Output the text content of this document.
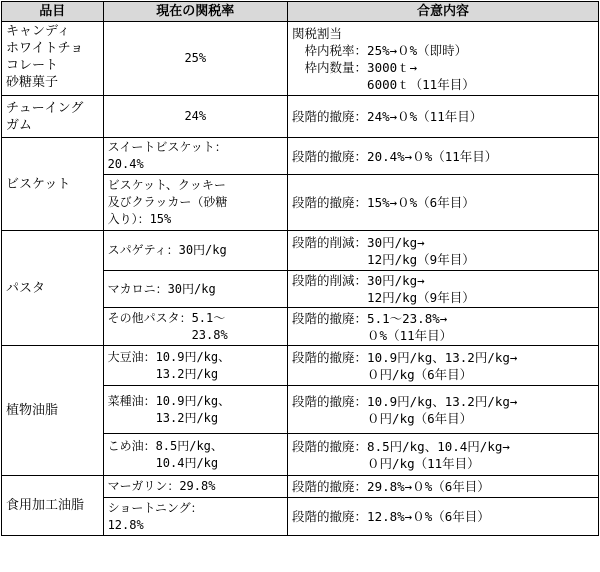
品目	現在の関税率	合意内容
キャンディ
ホワイトチョ
コレート
砂糖菓子	25%	関税割当
　枠内税率：25%→０%（即時）
　枠内数量：3000ｔ→
　　　　　　6000ｔ（11年目）
チューイング
ガム	24%	段階的撤廃：24%→０%（11年目）
ビスケット	スイートビスケット：
20.4%	段階的撤廃：20.4%→０%（11年目）
	ビスケット、クッキー
及びクラッカー（砂糖
入り）：15%	段階的撤廃：15%→０%（6年目）
パスタ	スパゲティ：30円/kg	段階的削減：30円/kg→
　　　　　　12円/kg（9年目）
	マカロニ：30円/kg	段階的削減：30円/kg→
　　　　　　12円/kg（9年目）
	その他パスタ：5.1～
　　　　　　　23.8%	段階的撤廃：5.1～23.8%→
　　　　　　０%（11年目）
植物油脂	大豆油：10.9円/kg、
　　　　13.2円/kg	段階的撤廃：10.9円/kg、13.2円/kg→
　　　　　　０円/kg（6年目）
	菜種油：10.9円/kg、
　　　　13.2円/kg	段階的撤廃：10.9円/kg、13.2円/kg→
　　　　　　０円/kg（6年目）
	こめ油：8.5円/kg、
　　　　10.4円/kg	段階的撤廃：8.5円/kg、10.4円/kg→
　　　　　　０円/kg（11年目）
食用加工油脂	マーガリン：29.8%	段階的撤廃：29.8%→０%（6年目）
	ショートニング：
12.8%	段階的撤廃：12.8%→０%（6年目）
